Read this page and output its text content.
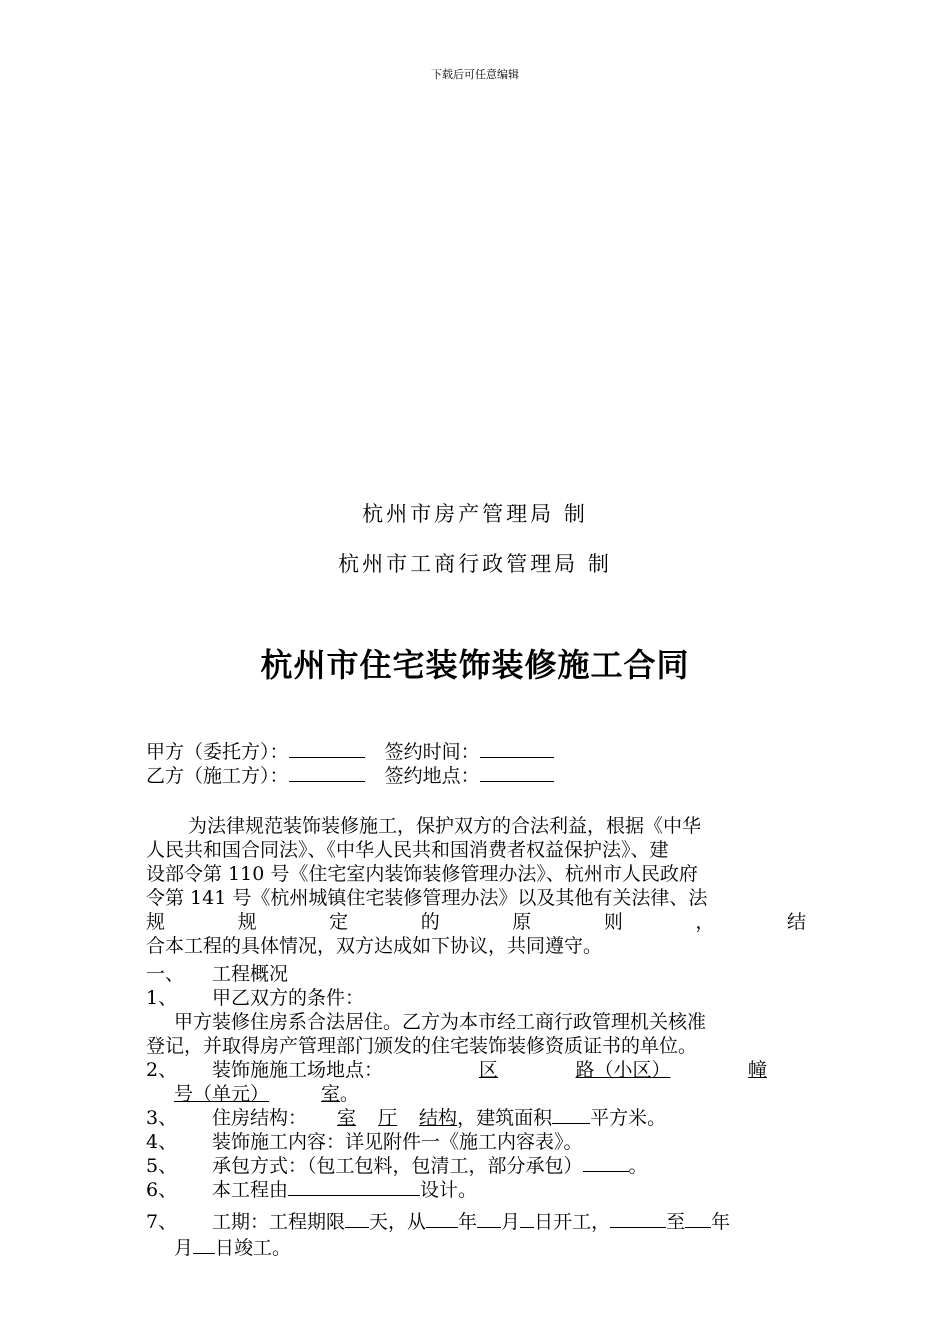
下载后可任意编辑
杭州市房产管理局 制
杭州市工商行政管理局 制
杭州市住宅装饰装修施工合同
甲方（委托方）：	签约时间：
乙方（施工方）：	签约地点：
为法律规范装饰装修施工，保护双方的合法利益，根据《中华
人民共和国合同法》、《中华人民共和国消费者权益保护法》、建
设部令第 110 号《住宅室内装饰装修管理办法》、杭州市人民政府
令第 141 号《杭州城镇住宅装修管理办法》以及其他有关法律、法
规	规	定	的	原	则	，	结
合本工程的具体情况，双方达成如下协议，共同遵守。
一、 工程概况
1、 甲乙双方的条件：
甲方装修住房系合法居住。乙方为本市经工商行政管理机关核准
登记，并取得房产管理部门颁发的住宅装饰装修资质证书的单位。
2、 装饰施施工场地点：	区	路（小区）	幢
号（单元）	室。
3、 住房结构： 室 厅 结构，建筑面积 平方米。
4、 装饰施工内容：详见附件一《施工内容表》。
5、 承包方式：（包工包料，包清工，部分承包） 。
6、 本工程由	设计。
7、 工期：工程期限 天，从 年 月 日开工，	至 年
月 日竣工。
